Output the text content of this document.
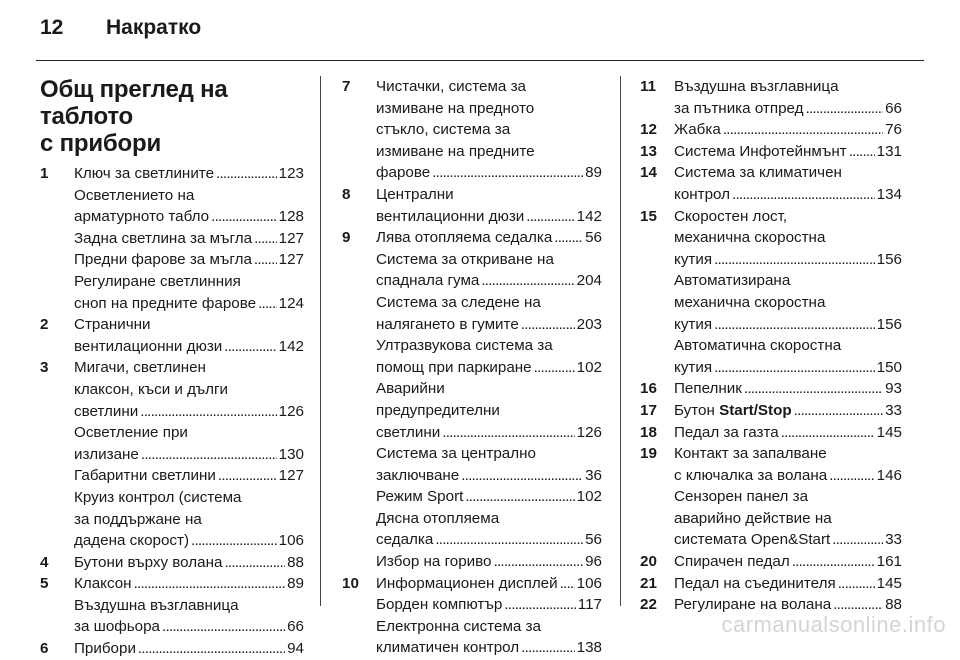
12	Накратко
Общ преглед на таблото
с прибори
1	Ключ за светлините . . .	123
Осветлението на
арматурното табло . . .	128
Задна светлина за мъгла . . . 127
Предни фарове за мъгла . . . 127
Регулиране светлинния
сноп на предните фарове . . . 124
2	Странични
вентилационни дюзи . . .	142
3	Мигачи, светлинен
клаксон, къси и дълги
светлини . . .	126
Осветление при
излизане . . .	130
Габаритни светлини . . .	127
Круиз контрол (система
за поддържане на
дадена скорост) . . .	106
4	Бутони върху волана . . .	88
5	Клаксон . . .	89
Въздушна възглавница
за шофьора . . .	66
6	Прибори . . .	94
7	Чистачки, система за
измиване на предното
стъкло, система за
измиване на предните
фарове . . .	89
8	Централни
вентилационни дюзи . . .	142
9	Лява отопляема седалка . . . 56
Система за откриване на
спаднала гума . . .	204
Система за следене на
налягането в гумите . . .	203
Ултразвукова система за
помощ при паркиране . . .	102
Аварийни
предупредителни
светлини . . .	126
Система за централно
заключване . . .	36
Режим Sport . . .	102
Дясна отопляема
седалка . . .	56
Избор на гориво . . .	96
10	Информационен дисплей . . . 106
Борден компютър . . .	117
Електронна система за
климатичен контрол . . .	138
11	Въздушна възглавница
за пътника отпред . . .	66
12	Жабка . . .	76
13	Система Инфотейнмънт . . . 131
14	Система за климатичен
контрол . . .	134
15	Скоростен лост,
механична скоростна
кутия . . .	156
Автоматизирана
механична скоростна
кутия . . .	156
Автоматична скоростна
кутия . . .	150
16	Пепелник . . .	93
17	Бутон Start/Stop . . .	33
18	Педал за газта . . .	145
19	Контакт за запалване
с ключалка за волана . . .	146
Сензорен панел за
аварийно действие на
системата Open&Start . . .	33
20	Спирачен педал . . .	161
21	Педал на съединителя . . .	145
22	Регулиране на волана . . .	88
carmanualsonline.info
